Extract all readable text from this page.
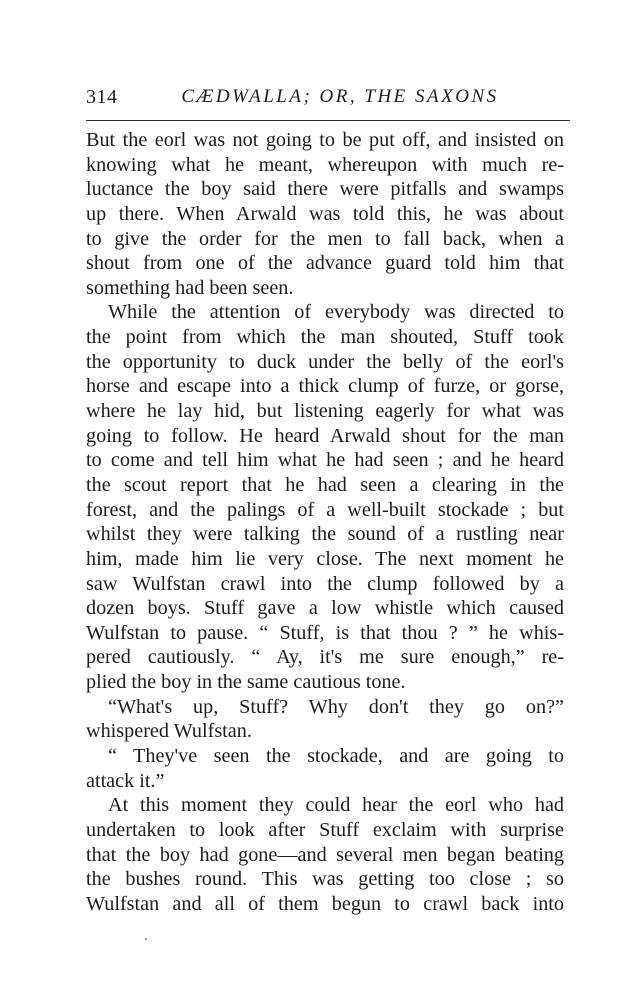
314	CÆDWALLA; OR, THE SAXONS
But the eorl was not going to be put off, and insisted on
knowing what he meant, whereupon with much re-
luctance the boy said there were pitfalls and swamps
up there. When Arwald was told this, he was about
to give the order for the men to fall back, when a
shout from one of the advance guard told him that
something had been seen.
While the attention of everybody was directed to
the point from which the man shouted, Stuff took
the opportunity to duck under the belly of the eorl's
horse and escape into a thick clump of furze, or gorse,
where he lay hid, but listening eagerly for what was
going to follow. He heard Arwald shout for the man
to come and tell him what he had seen ; and he heard
the scout report that he had seen a clearing in the
forest, and the palings of a well-built stockade ; but
whilst they were talking the sound of a rustling near
him, made him lie very close. The next moment he
saw Wulfstan crawl into the clump followed by a
dozen boys. Stuff gave a low whistle which caused
Wulfstan to pause. “ Stuff, is that thou ? ” he whis-
pered cautiously. “ Ay, it's me sure enough,” re-
plied the boy in the same cautious tone.
“What's up, Stuff? Why don't they go on?”
whispered Wulfstan.
“ They've seen the stockade, and are going to
attack it.”
At this moment they could hear the eorl who had
undertaken to look after Stuff exclaim with surprise
that the boy had gone—and several men began beating
the bushes round. This was getting too close ; so
Wulfstan and all of them begun to crawl back into
